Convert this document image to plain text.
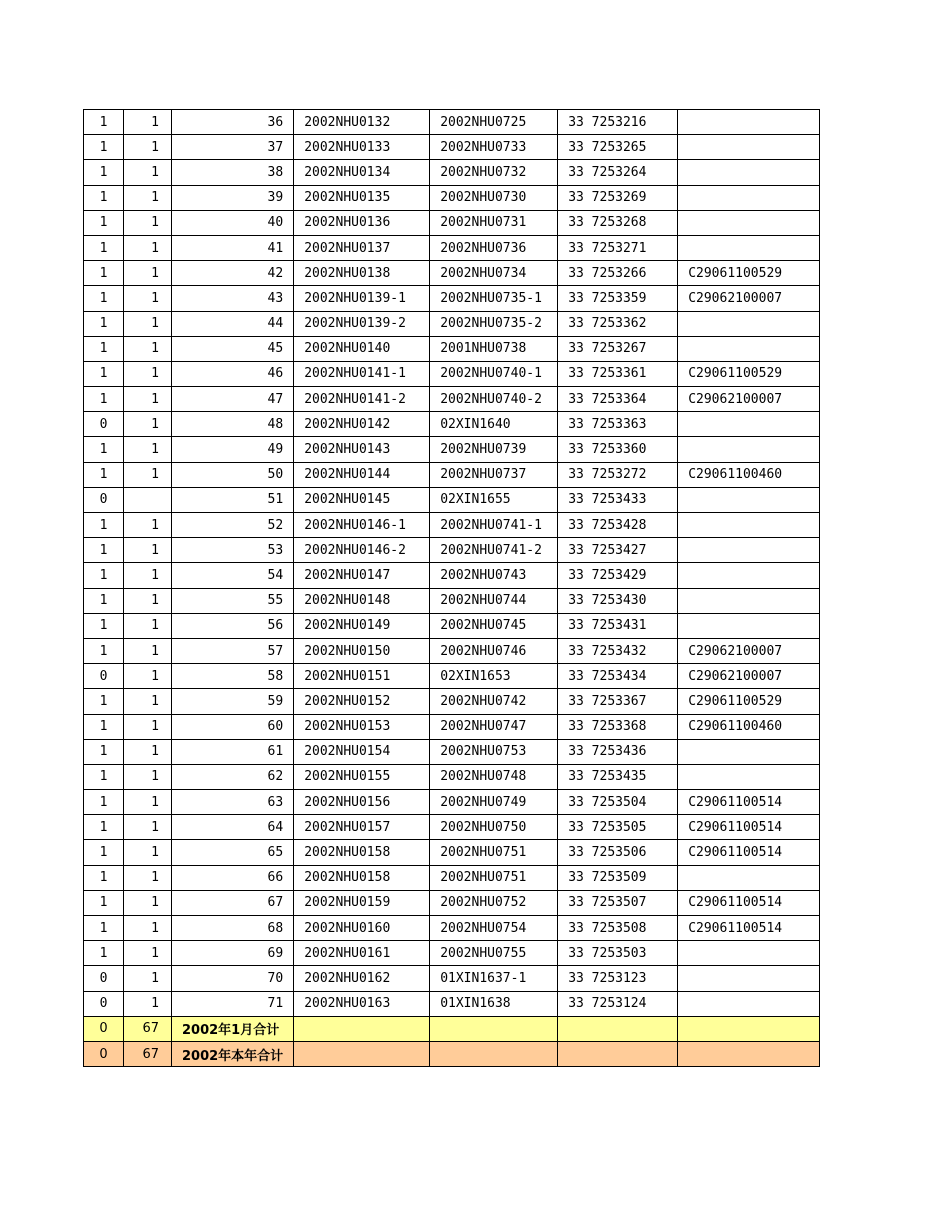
1	1	36	2002NHU0132	2002NHU0725	33 7253216	
1	1	37	2002NHU0133	2002NHU0733	33 7253265	
1	1	38	2002NHU0134	2002NHU0732	33 7253264	
1	1	39	2002NHU0135	2002NHU0730	33 7253269	
1	1	40	2002NHU0136	2002NHU0731	33 7253268	
1	1	41	2002NHU0137	2002NHU0736	33 7253271	
1	1	42	2002NHU0138	2002NHU0734	33 7253266	C29061100529
1	1	43	2002NHU0139-1	2002NHU0735-1	33 7253359	C29062100007
1	1	44	2002NHU0139-2	2002NHU0735-2	33 7253362	
1	1	45	2002NHU0140	2001NHU0738	33 7253267	
1	1	46	2002NHU0141-1	2002NHU0740-1	33 7253361	C29061100529
1	1	47	2002NHU0141-2	2002NHU0740-2	33 7253364	C29062100007
0	1	48	2002NHU0142	02XIN1640	33 7253363	
1	1	49	2002NHU0143	2002NHU0739	33 7253360	
1	1	50	2002NHU0144	2002NHU0737	33 7253272	C29061100460
0		51	2002NHU0145	02XIN1655	33 7253433	
1	1	52	2002NHU0146-1	2002NHU0741-1	33 7253428	
1	1	53	2002NHU0146-2	2002NHU0741-2	33 7253427	
1	1	54	2002NHU0147	2002NHU0743	33 7253429	
1	1	55	2002NHU0148	2002NHU0744	33 7253430	
1	1	56	2002NHU0149	2002NHU0745	33 7253431	
1	1	57	2002NHU0150	2002NHU0746	33 7253432	C29062100007
0	1	58	2002NHU0151	02XIN1653	33 7253434	C29062100007
1	1	59	2002NHU0152	2002NHU0742	33 7253367	C29061100529
1	1	60	2002NHU0153	2002NHU0747	33 7253368	C29061100460
1	1	61	2002NHU0154	2002NHU0753	33 7253436	
1	1	62	2002NHU0155	2002NHU0748	33 7253435	
1	1	63	2002NHU0156	2002NHU0749	33 7253504	C29061100514
1	1	64	2002NHU0157	2002NHU0750	33 7253505	C29061100514
1	1	65	2002NHU0158	2002NHU0751	33 7253506	C29061100514
1	1	66	2002NHU0158	2002NHU0751	33 7253509	
1	1	67	2002NHU0159	2002NHU0752	33 7253507	C29061100514
1	1	68	2002NHU0160	2002NHU0754	33 7253508	C29061100514
1	1	69	2002NHU0161	2002NHU0755	33 7253503	
0	1	70	2002NHU0162	01XIN1637-1	33 7253123	
0	1	71	2002NHU0163	01XIN1638	33 7253124	
0	67	2002年1月合计				
0	67	2002年本年合计				
